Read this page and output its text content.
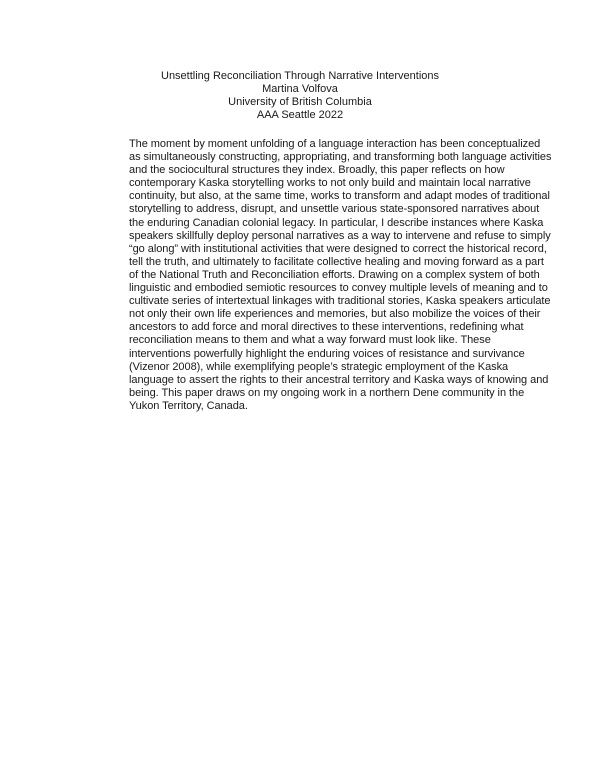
Unsettling Reconciliation Through Narrative Interventions
Martina Volfova
University of British Columbia
AAA Seattle 2022
The moment by moment unfolding of a language interaction has been conceptualized
as simultaneously constructing, appropriating, and transforming both language activities
and the sociocultural structures they index. Broadly, this paper reflects on how
contemporary Kaska storytelling works to not only build and maintain local narrative
continuity, but also, at the same time, works to transform and adapt modes of traditional
storytelling to address, disrupt, and unsettle various state-sponsored narratives about
the enduring Canadian colonial legacy. In particular, I describe instances where Kaska
speakers skillfully deploy personal narratives as a way to intervene and refuse to simply
“go along” with institutional activities that were designed to correct the historical record,
tell the truth, and ultimately to facilitate collective healing and moving forward as a part
of the National Truth and Reconciliation efforts. Drawing on a complex system of both
linguistic and embodied semiotic resources to convey multiple levels of meaning and to
cultivate series of intertextual linkages with traditional stories, Kaska speakers articulate
not only their own life experiences and memories, but also mobilize the voices of their
ancestors to add force and moral directives to these interventions, redefining what
reconciliation means to them and what a way forward must look like. These
interventions powerfully highlight the enduring voices of resistance and survivance
(Vizenor 2008), while exemplifying people’s strategic employment of the Kaska
language to assert the rights to their ancestral territory and Kaska ways of knowing and
being. This paper draws on my ongoing work in a northern Dene community in the
Yukon Territory, Canada.
